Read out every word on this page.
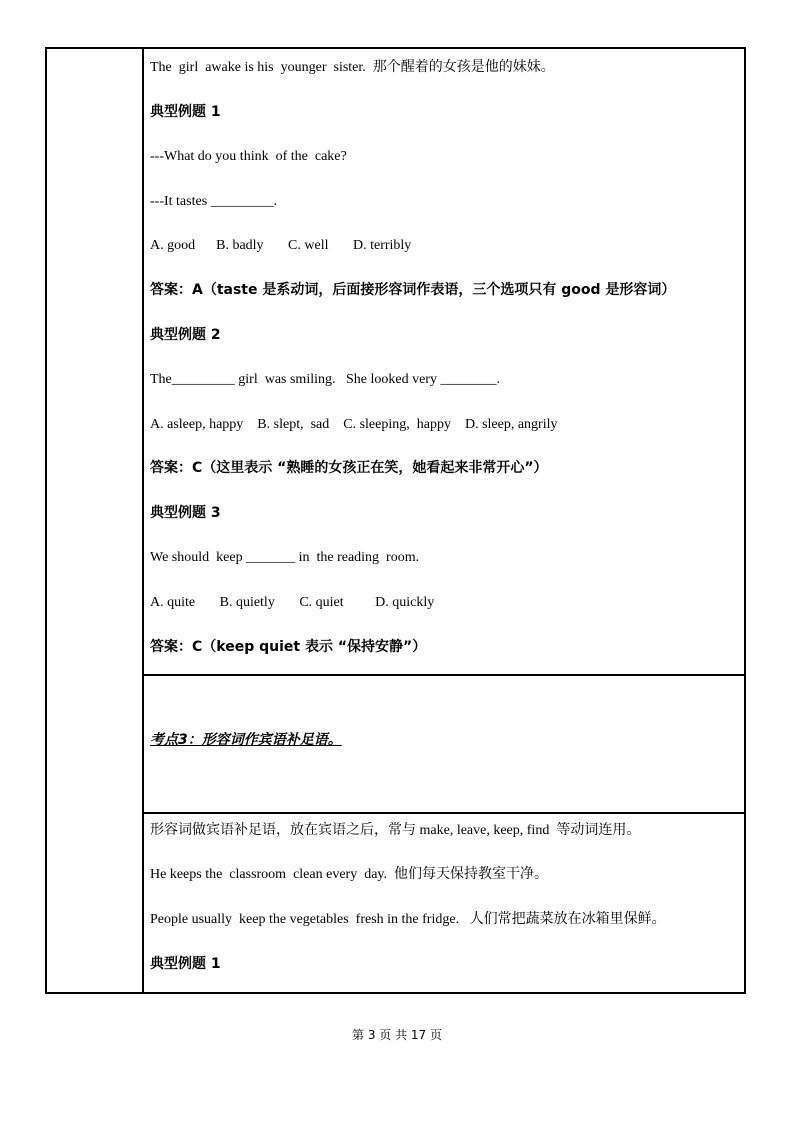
The  girl  awake is his  younger  sister.  那个醒着的女孩是他的妹妹。
典型例题 1
---What do you think  of the  cake?
---It tastes _________.
A. good      B. badly       C. well       D. terribly
答案：A（taste 是系动词，后面接形容词作表语，三个选项只有 good 是形容词）
典型例题 2
The_________ girl  was smiling.   She looked very ________.
A. asleep, happy    B. slept,  sad    C. sleeping,  happy    D. sleep, angrily
答案：C（这里表示 “熟睡的女孩正在笑，她看起来非常开心”）
典型例题 3
We should  keep _______ in  the reading  room.
A. quite       B. quietly       C. quiet         D. quickly
答案：C（keep quiet 表示 “保持安静”）
考点3：形容词作宾语补足语。
形容词做宾语补足语，放在宾语之后，常与 make, leave, keep, find  等动词连用。
He keeps the  classroom  clean every  day.  他们每天保持教室干净。
People usually  keep the vegetables  fresh in the fridge.   人们常把蔬菜放在冰箱里保鲜。
典型例题 1
第 3 页 共 17 页
